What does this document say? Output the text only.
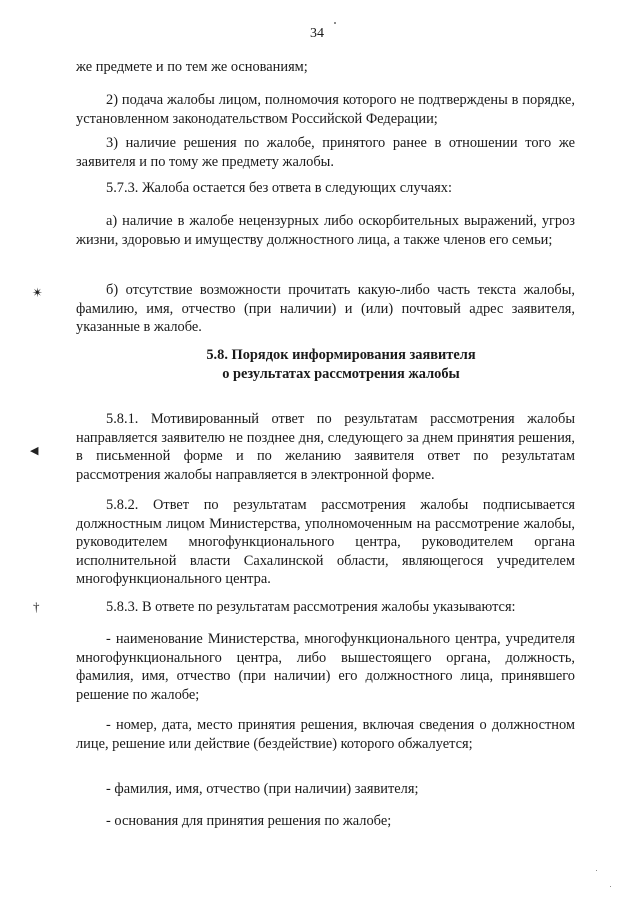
34

же предмете и по тем же основаниям;

2) подача жалобы лицом, полномочия которого не подтверждены в порядке, установленном законодательством Российской Федерации;

3) наличие решения по жалобе, принятого ранее в отношении того же заявителя и по тому же предмету жалобы.

5.7.3. Жалоба остается без ответа в следующих случаях:

а) наличие в жалобе нецензурных либо оскорбительных выражений, угроз жизни, здоровью и имуществу должностного лица, а также членов его семьи;

б) отсутствие возможности прочитать какую-либо часть текста жалобы, фамилию, имя, отчество (при наличии) и (или) почтовый адрес заявителя, указанные в жалобе.

5.8. Порядок информирования заявителя
о результатах рассмотрения жалобы

5.8.1. Мотивированный ответ по результатам рассмотрения жалобы направляется заявителю не позднее дня, следующего за днем принятия решения, в письменной форме и по желанию заявителя ответ по результатам рассмотрения жалобы направляется в электронной форме.

5.8.2. Ответ по результатам рассмотрения жалобы подписывается должностным лицом Министерства, уполномоченным на рассмотрение жалобы, руководителем многофункционального центра, руководителем органа исполнительной власти Сахалинской области, являющегося учредителем многофункционального центра.

5.8.3. В ответе по результатам рассмотрения жалобы указываются:

- наименование Министерства, многофункционального центра, учредителя многофункционального центра, либо вышестоящего органа, должность, фамилия, имя, отчество (при наличии) его должностного лица, принявшего решение по жалобе;

- номер, дата, место принятия решения, включая сведения о должностном лице, решение или действие (бездействие) которого обжалуется;

- фамилия, имя, отчество (при наличии) заявителя;

- основания для принятия решения по жалобе;

✴
◀
†
